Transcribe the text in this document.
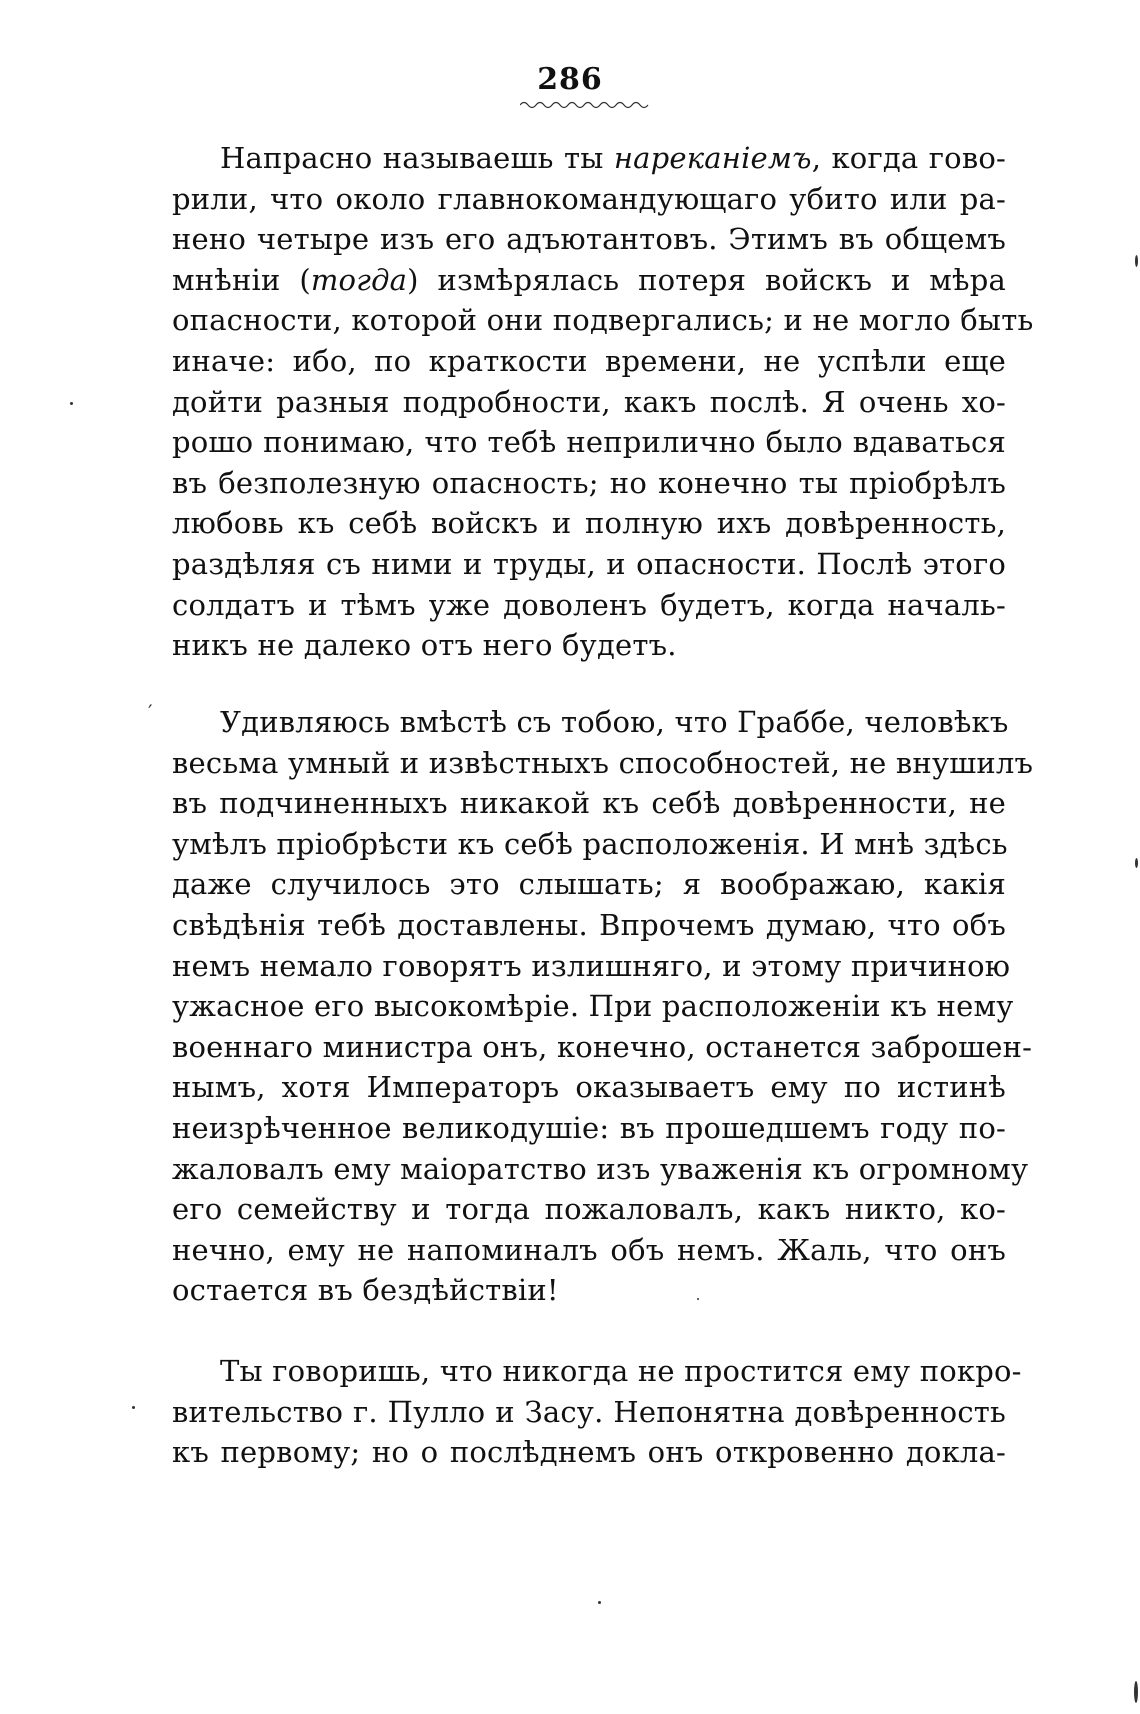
286
Напрасно называешь ты нареканіемъ, когда гово-
рили, что около главнокомандующаго убито или ра-
нено четыре изъ его адъютантовъ. Этимъ въ общемъ
мнѣніи (тогда) измѣрялась потеря войскъ и мѣра
опасности, которой они подвергались; и не могло быть
иначе: ибо, по краткости времени, не успѣли еще
дойти разныя подробности, какъ послѣ. Я очень хо-
рошо понимаю, что тебѣ неприлично было вдаваться
въ безполезную опасность; но конечно ты пріобрѣлъ
любовь къ себѣ войскъ и полную ихъ довѣренность,
раздѣляя съ ними и труды, и опасности. Послѣ этого
солдатъ и тѣмъ уже доволенъ будетъ, когда началь-
никъ не далеко отъ него будетъ.
Удивляюсь вмѣстѣ съ тобою, что Граббе, человѣкъ
весьма умный и извѣстныхъ способностей, не внушилъ
въ подчиненныхъ никакой къ себѣ довѣренности, не
умѣлъ пріобрѣсти къ себѣ расположенія. И мнѣ здѣсь
даже случилось это слышать; я воображаю, какія
свѣдѣнія тебѣ доставлены. Впрочемъ думаю, что объ
немъ немало говорятъ излишняго, и этому причиною
ужасное его высокомѣріе. При расположеніи къ нему
военнаго министра онъ, конечно, останется заброшен-
нымъ, хотя Императоръ оказываетъ ему по истинѣ
неизрѣченное великодушіе: въ прошедшемъ году по-
жаловалъ ему маіоратство изъ уваженія къ огромному
его семейству и тогда пожаловалъ, какъ никто, ко-
нечно, ему не напоминалъ объ немъ. Жаль, что онъ
остается въ бездѣйствіи!
Ты говоришь, что никогда не простится ему покро-
вительство г. Пулло и Засу. Непонятна довѣренность
къ первому; но о послѣднемъ онъ откровенно докла-
′
